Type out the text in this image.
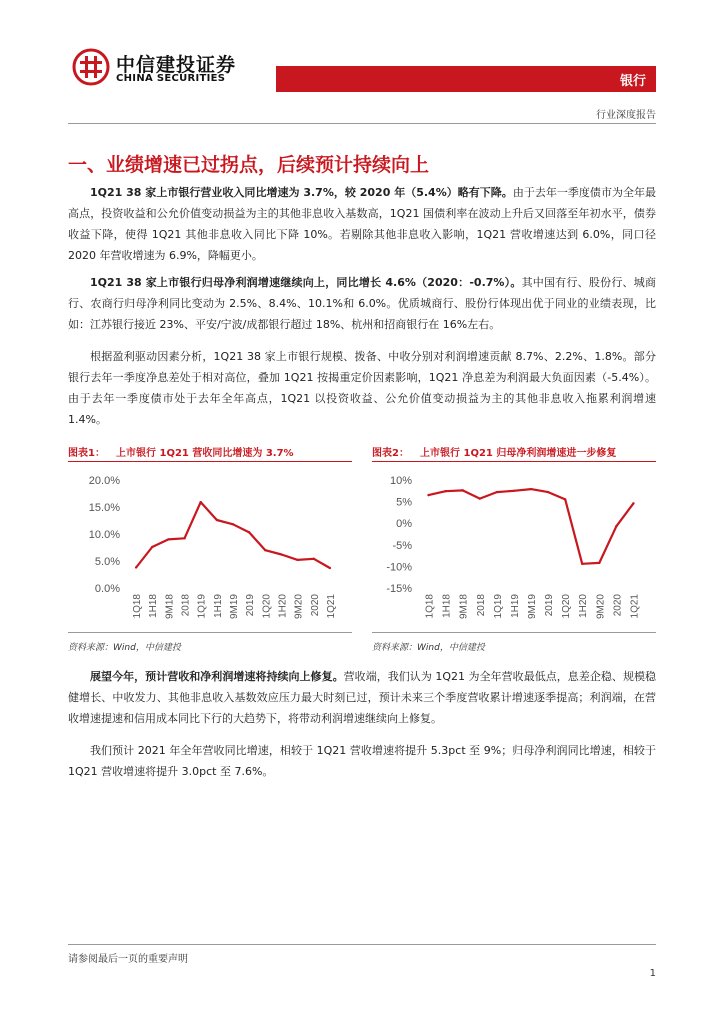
中信建投证券
CHINA SECURITIES	银行
行业深度报告
一、业绩增速已过拐点，后续预计持续向上

1Q21 38 家上市银行营业收入同比增速为 3.7%，较 2020 年（5.4%）略有下降。由于去年一季度债市为全年最高点，投资收益和公允价值变动损益为主的其他非息收入基数高，1Q21 国债利率在波动上升后又回落至年初水平，债券收益下降，使得 1Q21 其他非息收入同比下降 10%。若剔除其他非息收入影响，1Q21 营收增速达到 6.0%，同口径 2020 年营收增速为 6.9%，降幅更小。

1Q21 38 家上市银行归母净利润增速继续向上，同比增长 4.6%（2020：-0.7%）。其中国有行、股份行、城商行、农商行归母净利同比变动为 2.5%、8.4%、10.1%和 6.0%。优质城商行、股份行体现出优于同业的业绩表现，比如：江苏银行接近 23%、平安/宁波/成都银行超过 18%、杭州和招商银行在 16%左右。

根据盈利驱动因素分析，1Q21 38 家上市银行规模、拨备、中收分别对利润增速贡献 8.7%、2.2%、1.8%。部分银行去年一季度净息差处于相对高位，叠加 1Q21 按揭重定价因素影响，1Q21 净息差为利润最大负面因素（-5.4%）。由于去年一季度债市处于去年全年高点，1Q21 以投资收益、公允价值变动损益为主的其他非息收入拖累利润增速 1.4%。

图表1： 上市银行 1Q21 营收同比增速为 3.7%
0.0%
5.0%
10.0%
15.0%
20.0%
1Q18 1H18 9M18 2018 1Q19 1H19 9M19 2019 1Q20 1H20 9M20 2020 1Q21
资料来源：Wind，中信建投
图表2： 上市银行 1Q21 归母净利润增速进一步修复
-15%
-10%
-5%
0%
5%
10%
1Q18 1H18 9M18 2018 1Q19 1H19 9M19 2019 1Q20 1H20 9M20 2020 1Q21
资料来源：Wind，中信建投

展望今年，预计营收和净利润增速将持续向上修复。营收端，我们认为 1Q21 为全年营收最低点，息差企稳、规模稳健增长、中收发力、其他非息收入基数效应压力最大时刻已过，预计未来三个季度营收累计增速逐季提高；利润端，在营收增速提速和信用成本同比下行的大趋势下，将带动利润增速继续向上修复。

我们预计 2021 年全年营收同比增速，相较于 1Q21 营收增速将提升 5.3pct 至 9%；归母净利润同比增速，相较于 1Q21 营收增速将提升 3.0pct 至 7.6%。

请参阅最后一页的重要声明
1
